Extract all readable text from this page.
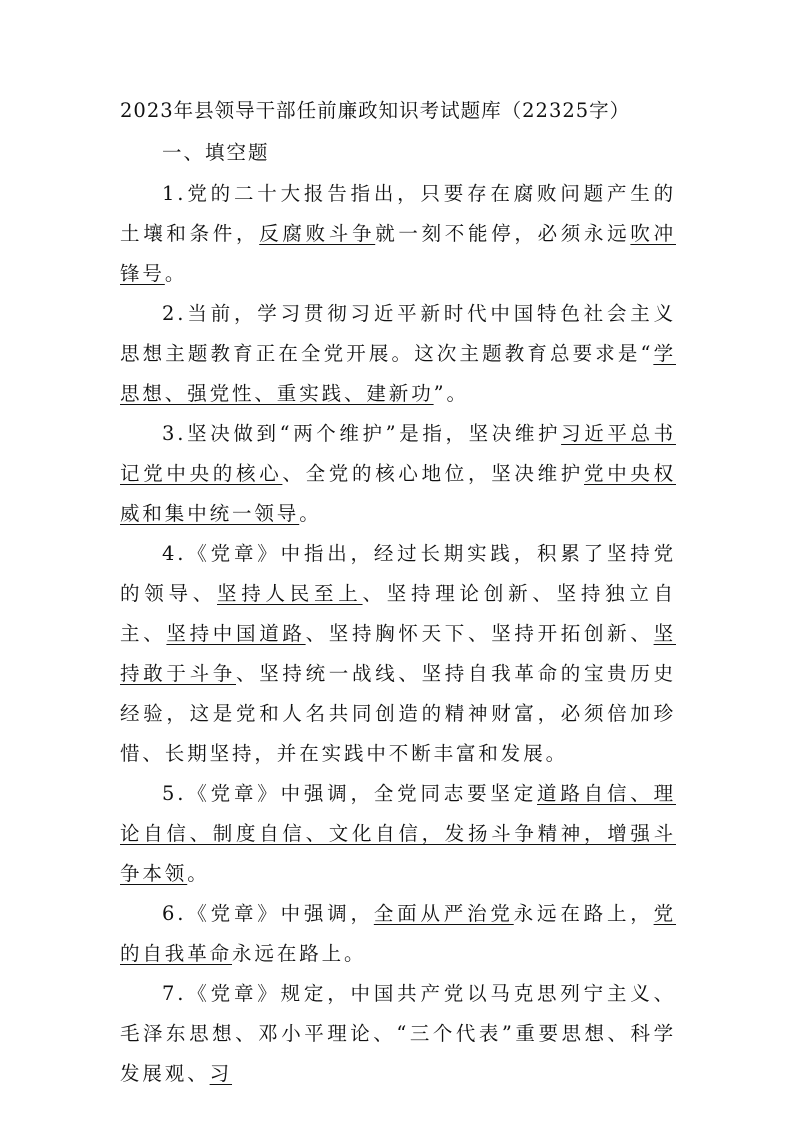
2023年县领导干部任前廉政知识考试题库（22325字）
一、填空题

1.党的二十大报告指出，只要存在腐败问题产生的土壤和条件，反腐败斗争就一刻不能停，必须永远吹冲锋号。

2.当前，学习贯彻习近平新时代中国特色社会主义思想主题教育正在全党开展。这次主题教育总要求是“学思想、强党性、重实践、建新功”。

3.坚决做到“两个维护”是指，坚决维护习近平总书记党中央的核心、全党的核心地位，坚决维护党中央权威和集中统一领导。

4.《党章》中指出，经过长期实践，积累了坚持党的领导、坚持人民至上、坚持理论创新、坚持独立自主、坚持中国道路、坚持胸怀天下、坚持开拓创新、坚持敢于斗争、坚持统一战线、坚持自我革命的宝贵历史经验，这是党和人名共同创造的精神财富，必须倍加珍惜、长期坚持，并在实践中不断丰富和发展。

5.《党章》中强调，全党同志要坚定道路自信、理论自信、制度自信、文化自信，发扬斗争精神，增强斗争本领。

6.《党章》中强调，全面从严治党永远在路上，党的自我革命永远在路上。

7.《党章》规定，中国共产党以马克思列宁主义、毛泽东思想、邓小平理论、“三个代表”重要思想、科学发展观、习
